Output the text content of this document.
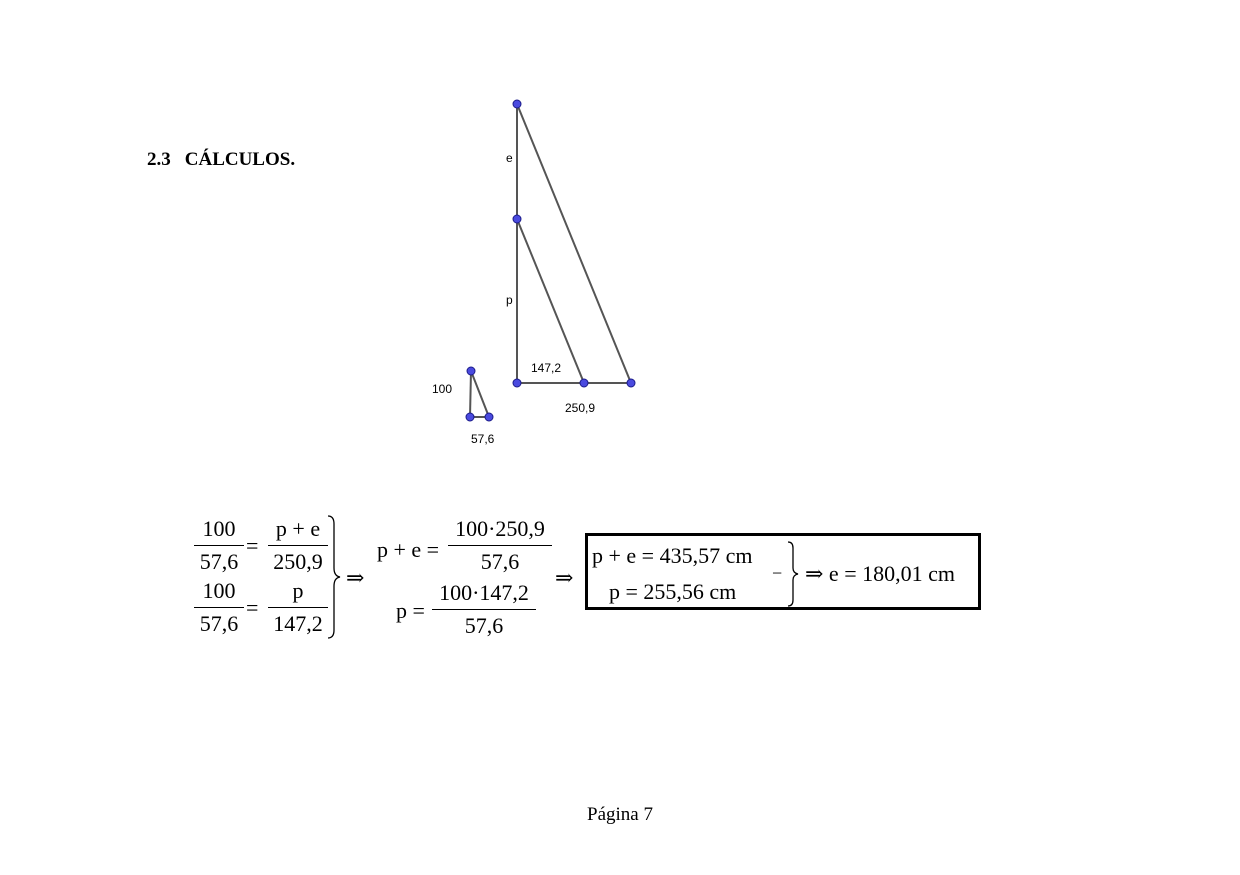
2.3 CÁLCULOS.	e
p
147,2
250,9
100
57,6
100
57,6
=
p + e
250,9
100
57,6
=
p
147,2
⇒
p + e =
100·250,9
57,6
p =
100·147,2
57,6
⇒
p + e = 435,57 cm
p = 255,56 cm
− ⇒ e = 180,01 cm
Página 7
